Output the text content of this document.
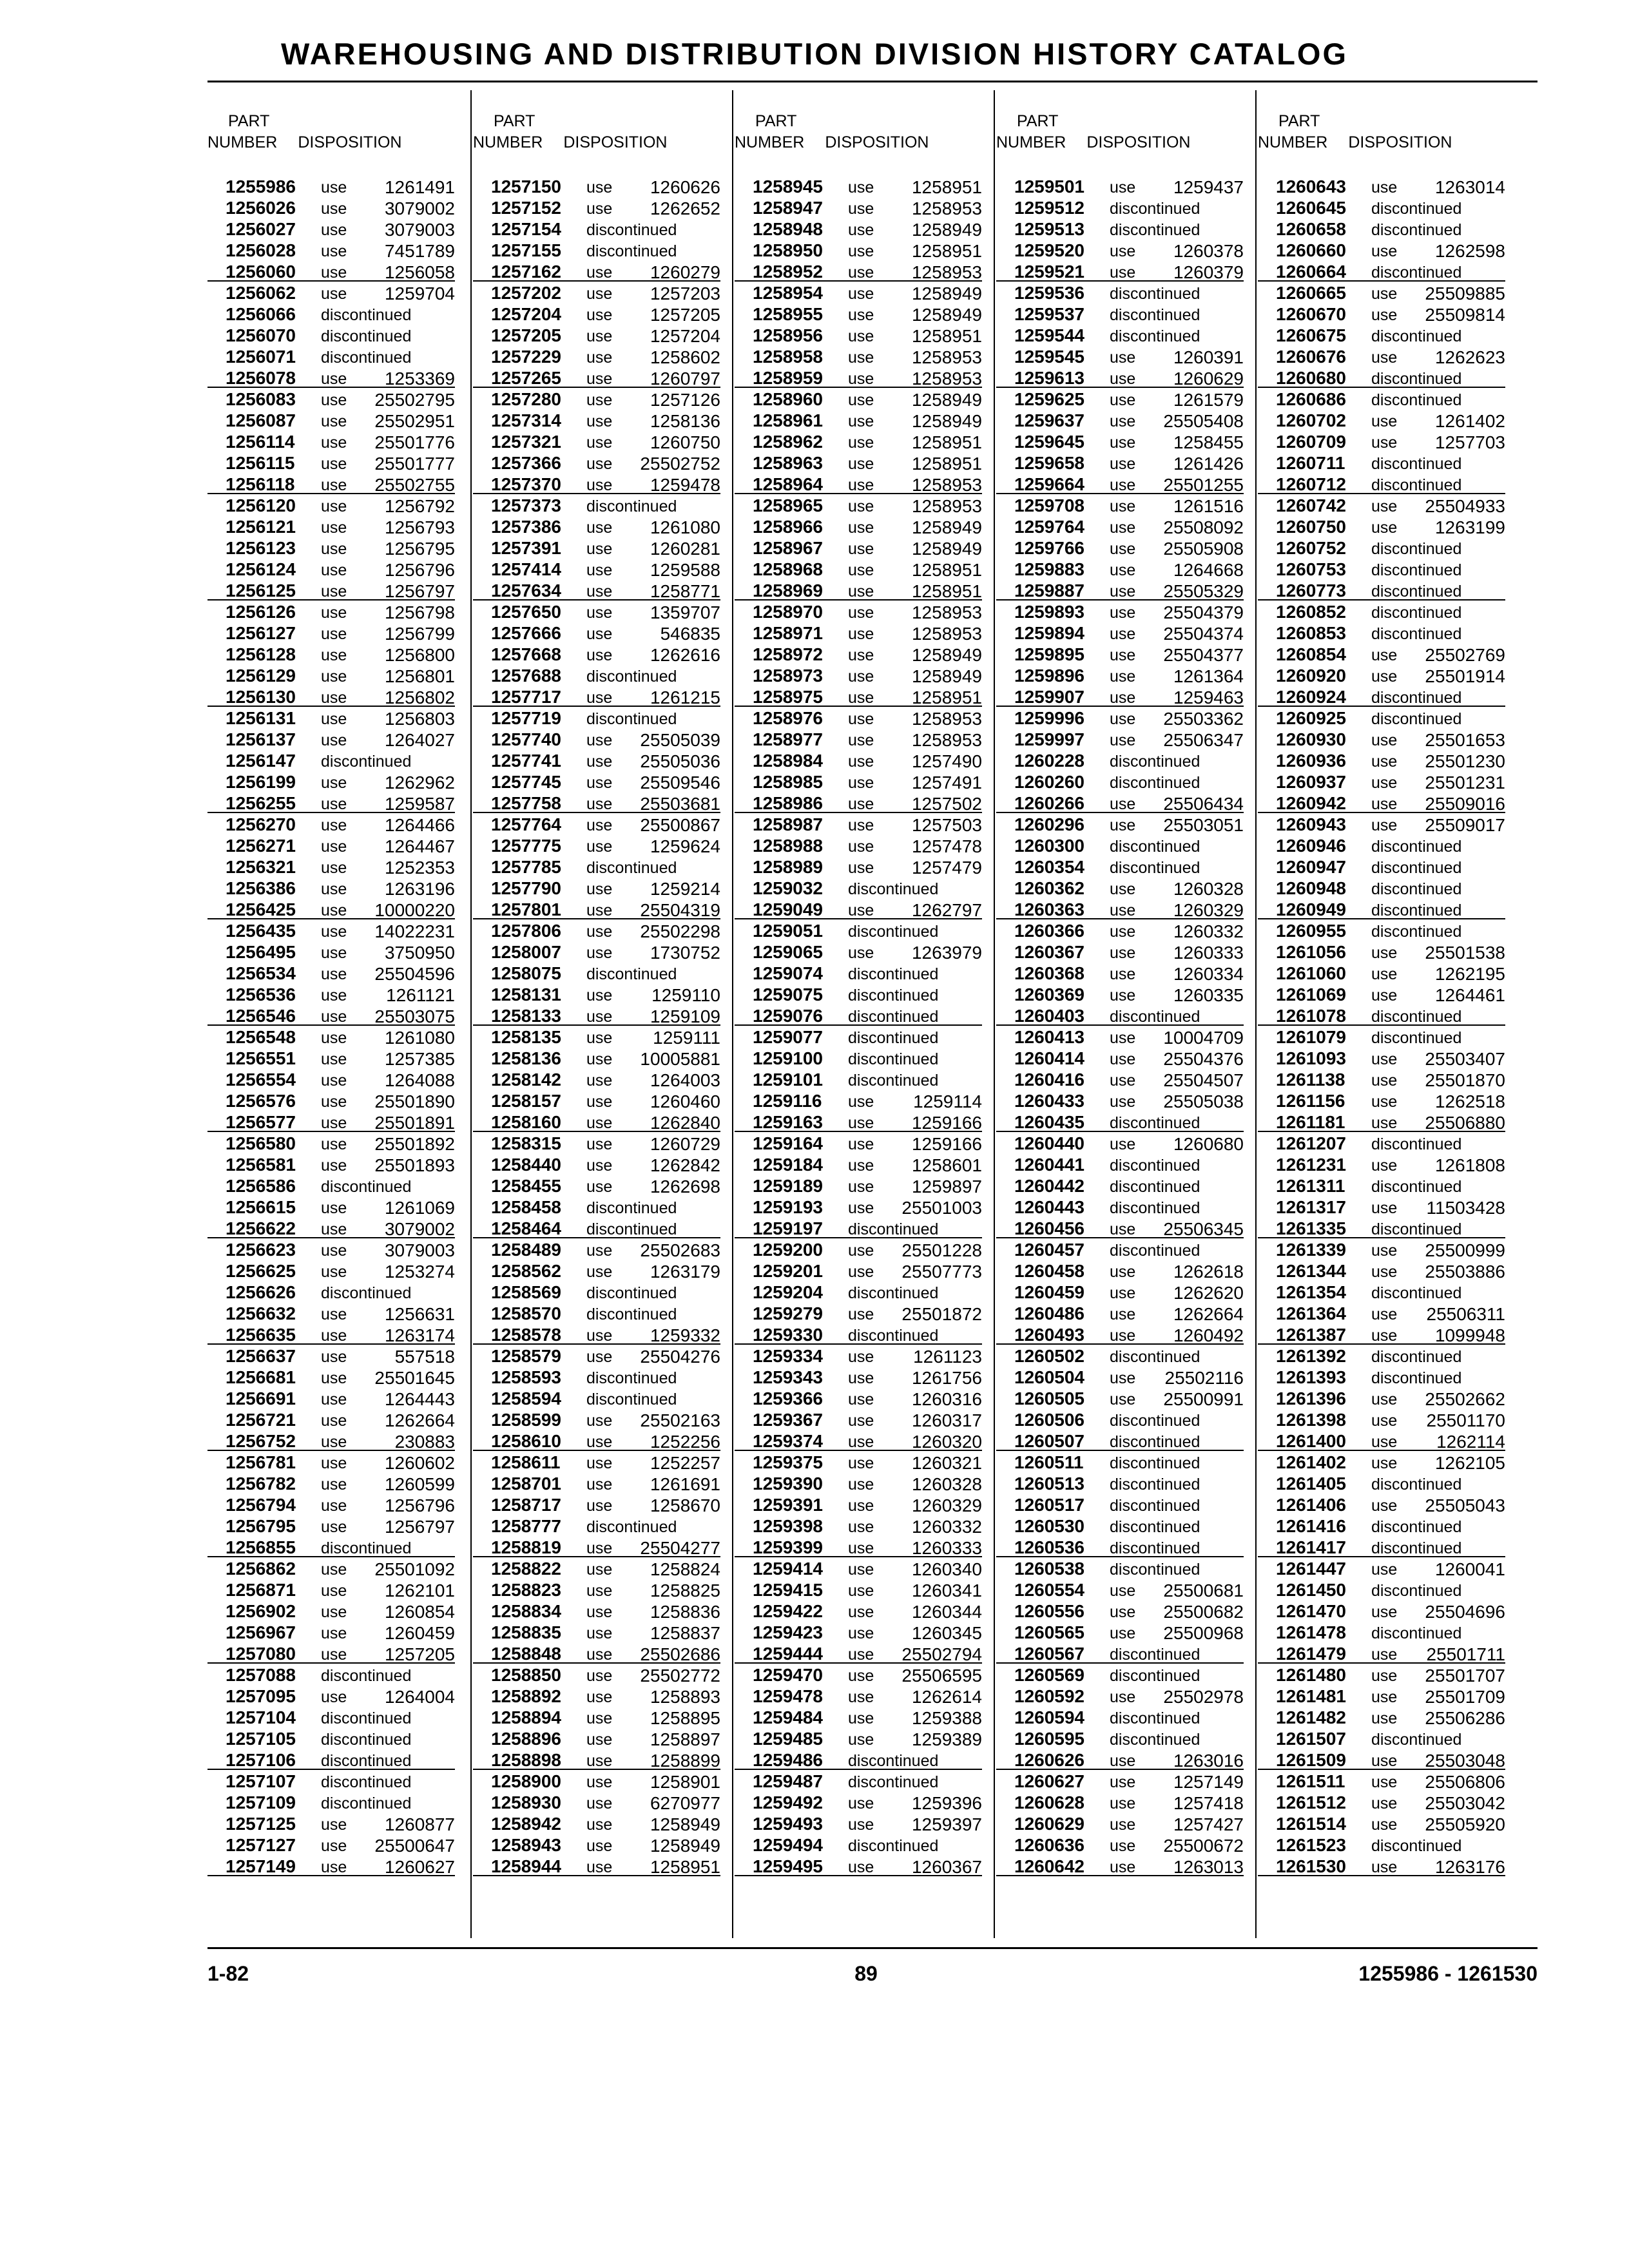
WAREHOUSING AND DISTRIBUTION DIVISION HISTORY CATALOG
PART
NUMBER DISPOSITION
1255986 use 1261491
1256026 use 3079002
1256027 use 3079003
1256028 use 7451789
1256060 use 1256058
1256062 use 1259704
1256066 discontinued
1256070 discontinued
1256071 discontinued
1256078 use 1253369
1256083 use 25502795
1256087 use 25502951
1256114 use 25501776
1256115 use 25501777
1256118 use 25502755
1256120 use 1256792
1256121 use 1256793
1256123 use 1256795
1256124 use 1256796
1256125 use 1256797
1256126 use 1256798
1256127 use 1256799
1256128 use 1256800
1256129 use 1256801
1256130 use 1256802
1256131 use 1256803
1256137 use 1264027
1256147 discontinued
1256199 use 1262962
1256255 use 1259587
1256270 use 1264466
1256271 use 1264467
1256321 use 1252353
1256386 use 1263196
1256425 use 10000220
1256435 use 14022231
1256495 use 3750950
1256534 use 25504596
1256536 use 1261121
1256546 use 25503075
1256548 use 1261080
1256551 use 1257385
1256554 use 1264088
1256576 use 25501890
1256577 use 25501891
1256580 use 25501892
1256581 use 25501893
1256586 discontinued
1256615 use 1261069
1256622 use 3079002
1256623 use 3079003
1256625 use 1253274
1256626 discontinued
1256632 use 1256631
1256635 use 1263174
1256637 use	557518
1256681 use 25501645
1256691 use 1264443
1256721 use 1262664
1256752 use	230883
1256781 use 1260602
1256782 use 1260599
1256794 use 1256796
1256795 use 1256797
1256855 discontinued
1256862 use 25501092
1256871 use 1262101
1256902 use 1260854
1256967 use 1260459
1257080 use 1257205
1257088 discontinued
1257095 use 1264004
1257104 discontinued
1257105 discontinued
1257106 discontinued
1257107 discontinued
1257109 discontinued
1257125 use 1260877
1257127 use 25500647
1257149 use 1260627
PART
NUMBER DISPOSITION
1257150 use 1260626
1257152 use 1262652
1257154 discontinued
1257155 discontinued
1257162 use 1260279
1257202 use 1257203
1257204 use 1257205
1257205 use 1257204
1257229 use 1258602
1257265 use 1260797
1257280 use 1257126
1257314 use 1258136
1257321 use 1260750
1257366 use 25502752
1257370 use 1259478
1257373 discontinued
1257386 use 1261080
1257391 use 1260281
1257414 use 1259588
1257634 use 1258771
1257650 use 1359707
1257666 use	546835
1257668 use 1262616
1257688 discontinued
1257717 use 1261215
1257719 discontinued
1257740 use 25505039
1257741 use 25505036
1257745 use 25509546
1257758 use 25503681
1257764 use 25500867
1257775 use 1259624
1257785 discontinued
1257790 use 1259214
1257801 use 25504319
1257806 use 25502298
1258007 use 1730752
1258075 discontinued
1258131 use 1259110
1258133 use 1259109
1258135 use 1259111
1258136 use 10005881
1258142 use 1264003
1258157 use 1260460
1258160 use 1262840
1258315 use 1260729
1258440 use 1262842
1258455 use 1262698
1258458 discontinued
1258464 discontinued
1258489 use 25502683
1258562 use 1263179
1258569 discontinued
1258570 discontinued
1258578 use 1259332
1258579 use 25504276
1258593 discontinued
1258594 discontinued
1258599 use 25502163
1258610 use 1252256
1258611 use 1252257
1258701 use 1261691
1258717 use 1258670
1258777 discontinued
1258819 use 25504277
1258822 use 1258824
1258823 use 1258825
1258834 use 1258836
1258835 use 1258837
1258848 use 25502686
1258850 use 25502772
1258892 use 1258893
1258894 use 1258895
1258896 use 1258897
1258898 use 1258899
1258900 use 1258901
1258930 use 6270977
1258942 use 1258949
1258943 use 1258949
1258944 use 1258951
PART
NUMBER DISPOSITION
1258945 use 1258951
1258947 use 1258953
1258948 use 1258949
1258950 use 1258951
1258952 use 1258953
1258954 use 1258949
1258955 use 1258949
1258956 use 1258951
1258958 use 1258953
1258959 use 1258953
1258960 use 1258949
1258961 use 1258949
1258962 use 1258951
1258963 use 1258951
1258964 use 1258953
1258965 use 1258953
1258966 use 1258949
1258967 use 1258949
1258968 use 1258951
1258969 use 1258951
1258970 use 1258953
1258971 use 1258953
1258972 use 1258949
1258973 use 1258949
1258975 use 1258951
1258976 use 1258953
1258977 use 1258953
1258984 use 1257490
1258985 use 1257491
1258986 use 1257502
1258987 use 1257503
1258988 use 1257478
1258989 use 1257479
1259032 discontinued
1259049 use 1262797
1259051 discontinued
1259065 use 1263979
1259074 discontinued
1259075 discontinued
1259076 discontinued
1259077 discontinued
1259100 discontinued
1259101 discontinued
1259116 use 1259114
1259163 use 1259166
1259164 use 1259166
1259184 use 1258601
1259189 use 1259897
1259193 use 25501003
1259197 discontinued
1259200 use 25501228
1259201 use 25507773
1259204 discontinued
1259279 use 25501872
1259330 discontinued
1259334 use 1261123
1259343 use 1261756
1259366 use 1260316
1259367 use 1260317
1259374 use 1260320
1259375 use 1260321
1259390 use 1260328
1259391 use 1260329
1259398 use 1260332
1259399 use 1260333
1259414 use 1260340
1259415 use 1260341
1259422 use 1260344
1259423 use 1260345
1259444 use 25502794
1259470 use 25506595
1259478 use 1262614
1259484 use 1259388
1259485 use 1259389
1259486 discontinued
1259487 discontinued
1259492 use 1259396
1259493 use 1259397
1259494 discontinued
1259495 use 1260367
PART
NUMBER DISPOSITION
1259501 use 1259437
1259512 discontinued
1259513 discontinued
1259520 use 1260378
1259521 use 1260379
1259536 discontinued
1259537 discontinued
1259544 discontinued
1259545 use 1260391
1259613 use 1260629
1259625 use 1261579
1259637 use 25505408
1259645 use 1258455
1259658 use 1261426
1259664 use 25501255
1259708 use 1261516
1259764 use 25508092
1259766 use 25505908
1259883 use 1264668
1259887 use 25505329
1259893 use 25504379
1259894 use 25504374
1259895 use 25504377
1259896 use 1261364
1259907 use 1259463
1259996 use 25503362
1259997 use 25506347
1260228 discontinued
1260260 discontinued
1260266 use 25506434
1260296 use 25503051
1260300 discontinued
1260354 discontinued
1260362 use 1260328
1260363 use 1260329
1260366 use 1260332
1260367 use 1260333
1260368 use 1260334
1260369 use 1260335
1260403 discontinued
1260413 use 10004709
1260414 use 25504376
1260416 use 25504507
1260433 use 25505038
1260435 discontinued
1260440 use 1260680
1260441 discontinued
1260442 discontinued
1260443 discontinued
1260456 use 25506345
1260457 discontinued
1260458 use 1262618
1260459 use 1262620
1260486 use 1262664
1260493 use 1260492
1260502 discontinued
1260504 use 25502116
1260505 use 25500991
1260506 discontinued
1260507 discontinued
1260511 discontinued
1260513 discontinued
1260517 discontinued
1260530 discontinued
1260536 discontinued
1260538 discontinued
1260554 use 25500681
1260556 use 25500682
1260565 use 25500968
1260567 discontinued
1260569 discontinued
1260592 use 25502978
1260594 discontinued
1260595 discontinued
1260626 use 1263016
1260627 use 1257149
1260628 use 1257418
1260629 use 1257427
1260636 use 25500672
1260642 use 1263013
PART
NUMBER DISPOSITION
1260643 use 1263014
1260645 discontinued
1260658 discontinued
1260660 use 1262598
1260664 discontinued
1260665 use 25509885
1260670 use 25509814
1260675 discontinued
1260676 use 1262623
1260680 discontinued
1260686 discontinued
1260702 use 1261402
1260709 use 1257703
1260711 discontinued
1260712 discontinued
1260742 use 25504933
1260750 use 1263199
1260752 discontinued
1260753 discontinued
1260773 discontinued
1260852 discontinued
1260853 discontinued
1260854 use 25502769
1260920 use 25501914
1260924 discontinued
1260925 discontinued
1260930 use 25501653
1260936 use 25501230
1260937 use 25501231
1260942 use 25509016
1260943 use 25509017
1260946 discontinued
1260947 discontinued
1260948 discontinued
1260949 discontinued
1260955 discontinued
1261056 use 25501538
1261060 use 1262195
1261069 use 1264461
1261078 discontinued
1261079 discontinued
1261093 use 25503407
1261138 use 25501870
1261156 use 1262518
1261181 use 25506880
1261207 discontinued
1261231 use 1261808
1261311 discontinued
1261317 use 11503428
1261335 discontinued
1261339 use 25500999
1261344 use 25503886
1261354 discontinued
1261364 use 25506311
1261387 use 1099948
1261392 discontinued
1261393 discontinued
1261396 use 25502662
1261398 use 25501170
1261400 use 1262114
1261402 use 1262105
1261405 discontinued
1261406 use 25505043
1261416 discontinued
1261417 discontinued
1261447 use 1260041
1261450 discontinued
1261470 use 25504696
1261478 discontinued
1261479 use 25501711
1261480 use 25501707
1261481 use 25501709
1261482 use 25506286
1261507 discontinued
1261509 use 25503048
1261511 use 25506806
1261512 use 25503042
1261514 use 25505920
1261523 discontinued
1261530 use 1263176
1-82	89	1255986 - 1261530
